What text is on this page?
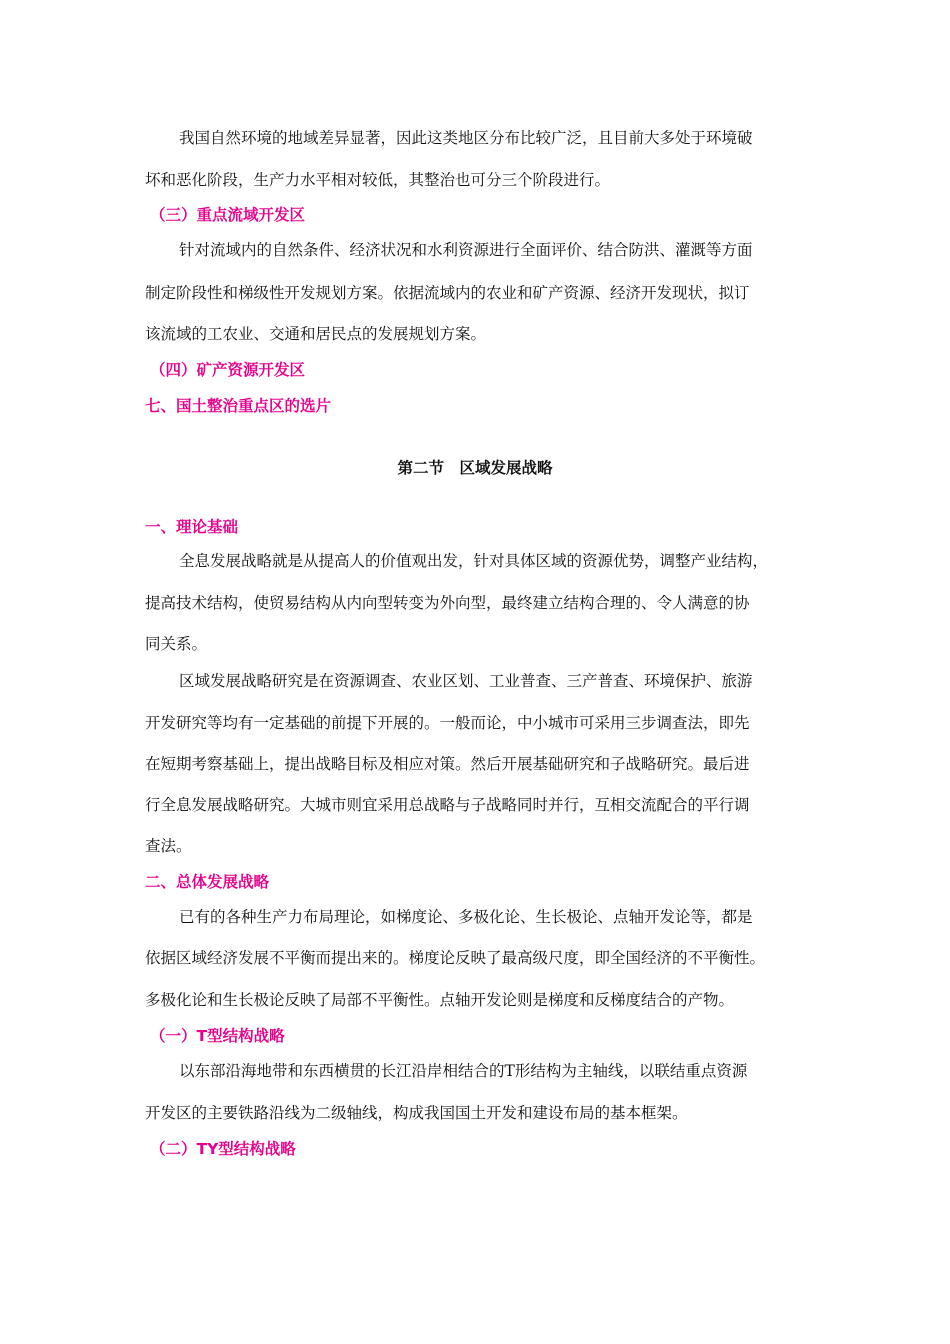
我国自然环境的地域差异显著，因此这类地区分布比较广泛，且目前大多处于环境破
坏和恶化阶段，生产力水平相对较低，其整治也可分三个阶段进行。
（三）重点流域开发区
针对流域内的自然条件、经济状况和水利资源进行全面评价、结合防洪、灌溉等方面
制定阶段性和梯级性开发规划方案。依据流域内的农业和矿产资源、经济开发现状，拟订
该流域的工农业、交通和居民点的发展规划方案。
（四）矿产资源开发区
七、国土整治重点区的选片
第二节　区域发展战略
一、理论基础
全息发展战略就是从提高人的价值观出发，针对具体区域的资源优势，调整产业结构，
提高技术结构，使贸易结构从内向型转变为外向型，最终建立结构合理的、令人满意的协
同关系。
区域发展战略研究是在资源调查、农业区划、工业普查、三产普查、环境保护、旅游
开发研究等均有一定基础的前提下开展的。一般而论，中小城市可采用三步调查法，即先
在短期考察基础上，提出战略目标及相应对策。然后开展基础研究和子战略研究。最后进
行全息发展战略研究。大城市则宜采用总战略与子战略同时并行，互相交流配合的平行调
查法。
二、总体发展战略
已有的各种生产力布局理论，如梯度论、多极化论、生长极论、点轴开发论等，都是
依据区域经济发展不平衡而提出来的。梯度论反映了最高级尺度，即全国经济的不平衡性。
多极化论和生长极论反映了局部不平衡性。点轴开发论则是梯度和反梯度结合的产物。
（一）T型结构战略
以东部沿海地带和东西横贯的长江沿岸相结合的T形结构为主轴线，以联结重点资源
开发区的主要铁路沿线为二级轴线，构成我国国土开发和建设布局的基本框架。
（二）TY型结构战略
